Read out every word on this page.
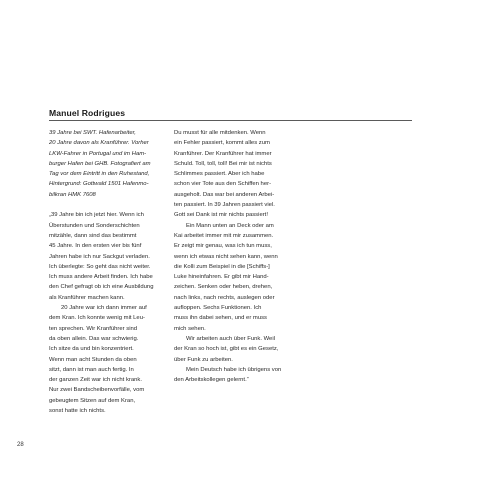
Manuel Rodrigues
39 Jahre bei SWT. Hafenarbeiter,
20 Jahre davon als Kranführer. Vorher
LKW-Fahrer in Portugal und im Ham-
burger Hafen bei GHB. Fotografiert am
Tag vor dem Eintritt in den Ruhestand,
Hintergrund: Gottwald 1501 Hafenmo-
bilkran HMK 7608
„39 Jahre bin ich jetzt hier. Wenn ich
Überstunden und Sonderschichten
mitzähle, dann sind das bestimmt
45 Jahre. In den ersten vier bis fünf
Jahren habe ich nur Sackgut verladen.
Ich überlegte: So geht das nicht weiter.
Ich muss andere Arbeit finden. Ich habe
den Chef gefragt ob ich eine Ausbildung
als Kranführer machen kann.
20 Jahre war ich dann immer auf
dem Kran. Ich konnte wenig mit Leu-
ten sprechen. Wir Kranführer sind
da oben allein. Das war schwierig.
Ich sitze da und bin konzentriert.
Wenn man acht Stunden da oben
sitzt, dann ist man auch fertig. In
der ganzen Zeit war ich nicht krank.
Nur zwei Bandscheibenvorfälle, vom
gebeugtem Sitzen auf dem Kran,
sonst hatte ich nichts.
Du musst für alle mitdenken. Wenn
ein Fehler passiert, kommt alles zum
Kranführer. Der Kranführer hat immer
Schuld. Toll, toll, toll! Bei mir ist nichts
Schlimmes passiert. Aber ich habe
schon vier Tote aus den Schiffen her-
ausgeholt. Das war bei anderen Arbei-
ten passiert. In 39 Jahren passiert viel.
Gott sei Dank ist mir nichts passiert!
Ein Mann unten an Deck oder am
Kai arbeitet immer mit mir zusammen.
Er zeigt mir genau, was ich tun muss,
wenn ich etwas nicht sehen kann, wenn
die Kolli zum Beispiel in die [Schiffs-]
Luke hineinfahren. Er gibt mir Hand-
zeichen. Senken oder heben, drehen,
nach links, nach rechts, auslegen oder
aufloppen. Sechs Funktionen. Ich
muss ihn dabei sehen, und er muss
mich sehen.
Wir arbeiten auch über Funk. Weil
der Kran so hoch ist, gibt es ein Gesetz,
über Funk zu arbeiten.
Mein Deutsch habe ich übrigens von
den Arbeitskollegen gelernt.“
28
